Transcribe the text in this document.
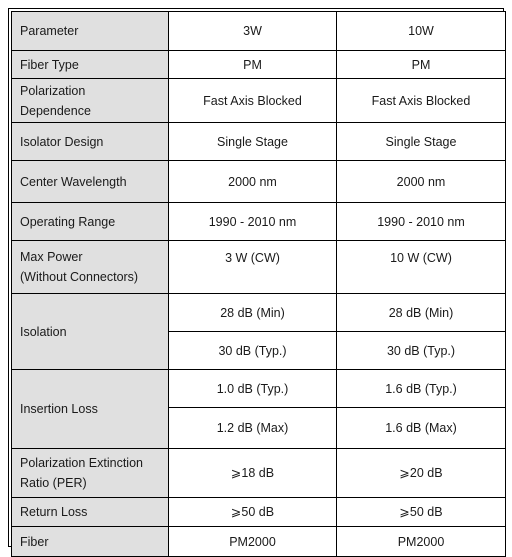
Parameter	3W	10W
Fiber Type	PM	PM

Polarization
Dependence	Fast Axis Blocked	Fast Axis Blocked
Isolator Design	Single Stage	Single Stage
Center Wavelength	2000 nm	2000 nm
Operating Range	1990 - 2010 nm	1990 - 2010 nm

Max Power
(Without Connectors)	3 W (CW)	10 W (CW)
Isolation	28 dB (Min)	28 dB (Min)
	30 dB (Typ.)	30 dB (Typ.)
Insertion Loss	1.0 dB (Typ.)	1.6 dB (Typ.)
	1.2 dB (Max)	1.6 dB (Max)

Polarization Extinction
Ratio (PER)	⩾18 dB	⩾20 dB
Return Loss	⩾50 dB	⩾50 dB
Fiber	PM2000	PM2000
